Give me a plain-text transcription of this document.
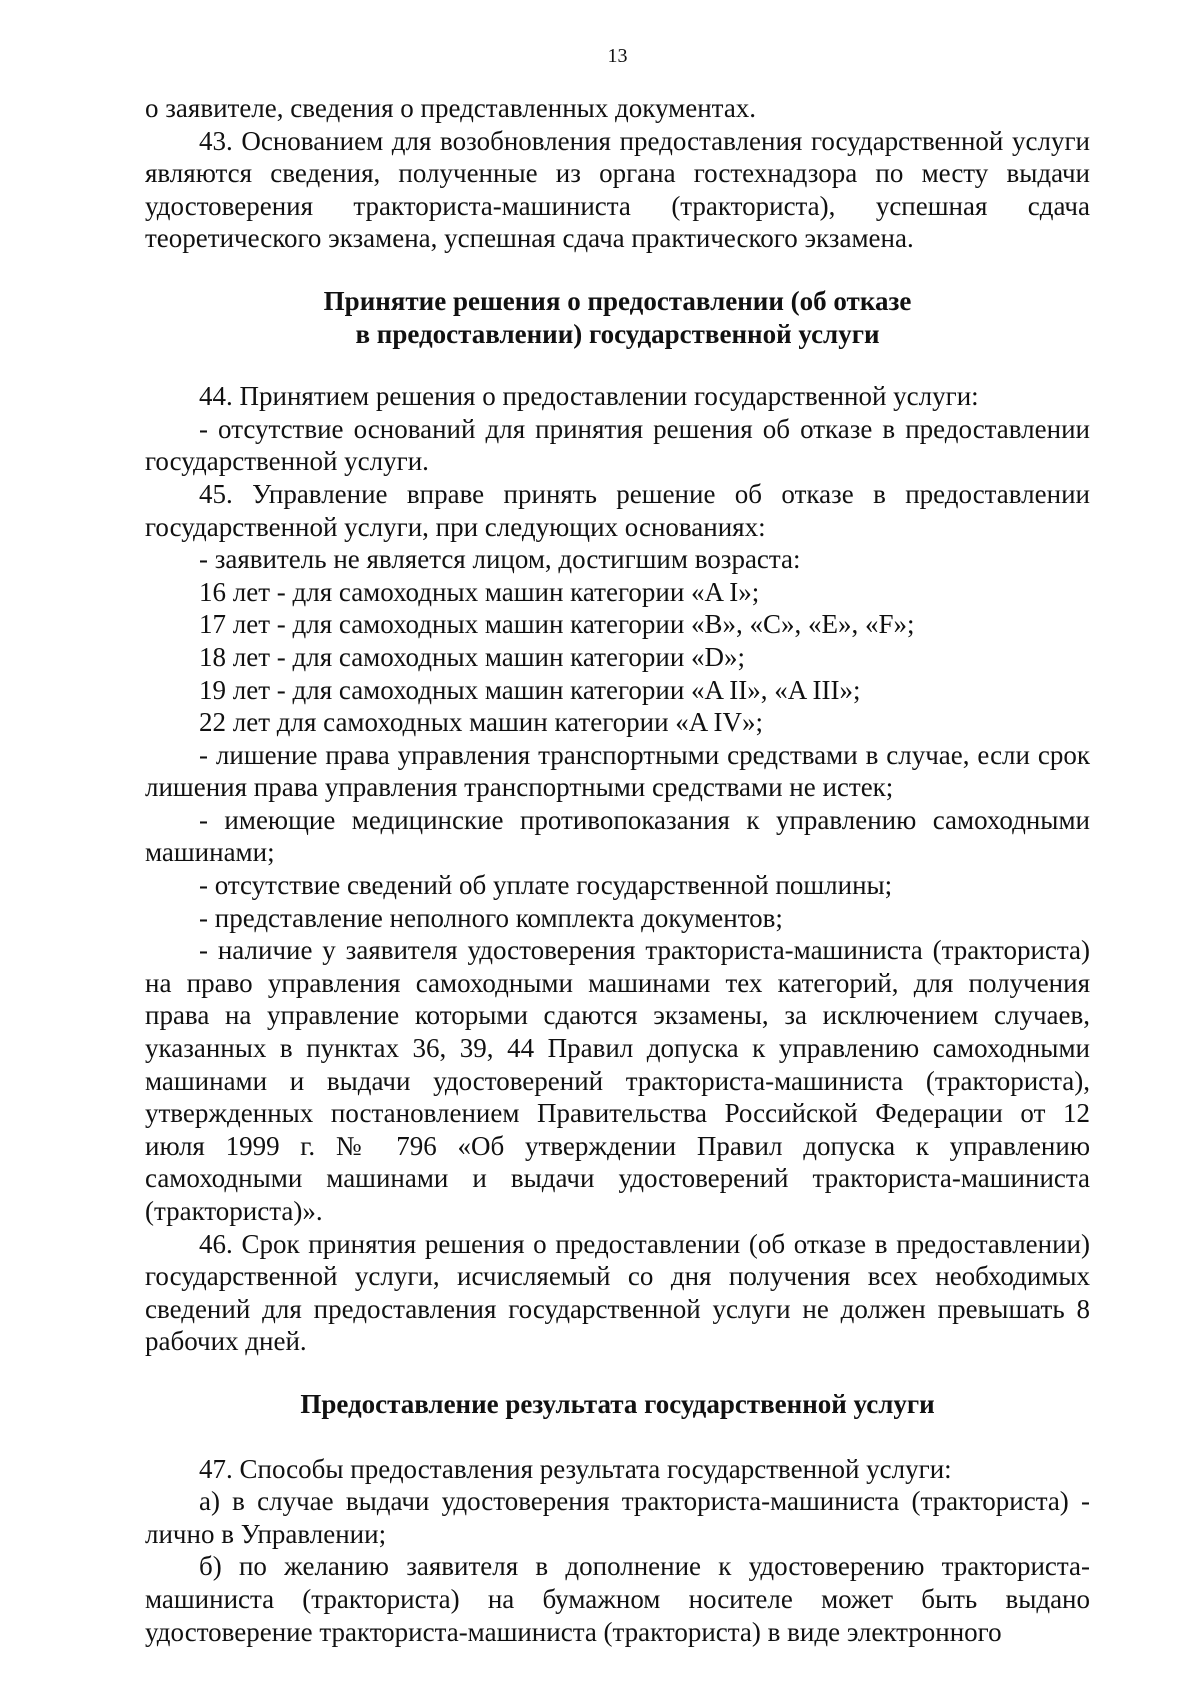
13

о заявителе, сведения о представленных документах.

43. Основанием для возобновления предоставления государственной услуги являются сведения, полученные из органа гостехнадзора по месту выдачи удостоверения тракториста-машиниста (тракториста), успешная сдача теоретического экзамена, успешная сдача практического экзамена.

Принятие решения о предоставлении (об отказе
в предоставлении) государственной услуги

44. Принятием решения о предоставлении государственной услуги:

- отсутствие оснований для принятия решения об отказе в предоставлении государственной услуги.

45. Управление вправе принять решение об отказе в предоставлении государственной услуги, при следующих основаниях:

- заявитель не является лицом, достигшим возраста:

16 лет - для самоходных машин категории «A I»;

17 лет - для самоходных машин категории «B», «C», «E», «F»;

18 лет - для самоходных машин категории «D»;

19 лет - для самоходных машин категории «A II», «A III»;

22 лет для самоходных машин категории «A IV»;

- лишение права управления транспортными средствами в случае, если срок лишения права управления транспортными средствами не истек;

- имеющие медицинские противопоказания к управлению самоходными машинами;

- отсутствие сведений об уплате государственной пошлины;

- представление неполного комплекта документов;

- наличие у заявителя удостоверения тракториста-машиниста (тракториста) на право управления самоходными машинами тех категорий, для получения права на управление которыми сдаются экзамены, за исключением случаев, указанных в пунктах 36, 39, 44 Правил допуска к управлению самоходными машинами и выдачи удостоверений тракториста-машиниста (тракториста), утвержденных постановлением Правительства Российской Федерации от 12 июля 1999 г. № 796 «Об утверждении Правил допуска к управлению самоходными машинами и выдачи удостоверений тракториста-машиниста (тракториста)».

46. Срок принятия решения о предоставлении (об отказе в предоставлении) государственной услуги, исчисляемый со дня получения всех необходимых сведений для предоставления государственной услуги не должен превышать 8 рабочих дней.

Предоставление результата государственной услуги

47. Способы предоставления результата государственной услуги:

а) в случае выдачи удостоверения тракториста-машиниста (тракториста) - лично в Управлении;

б) по желанию заявителя в дополнение к удостоверению тракториста-машиниста (тракториста) на бумажном носителе может быть выдано удостоверение тракториста-машиниста (тракториста) в виде электронного
